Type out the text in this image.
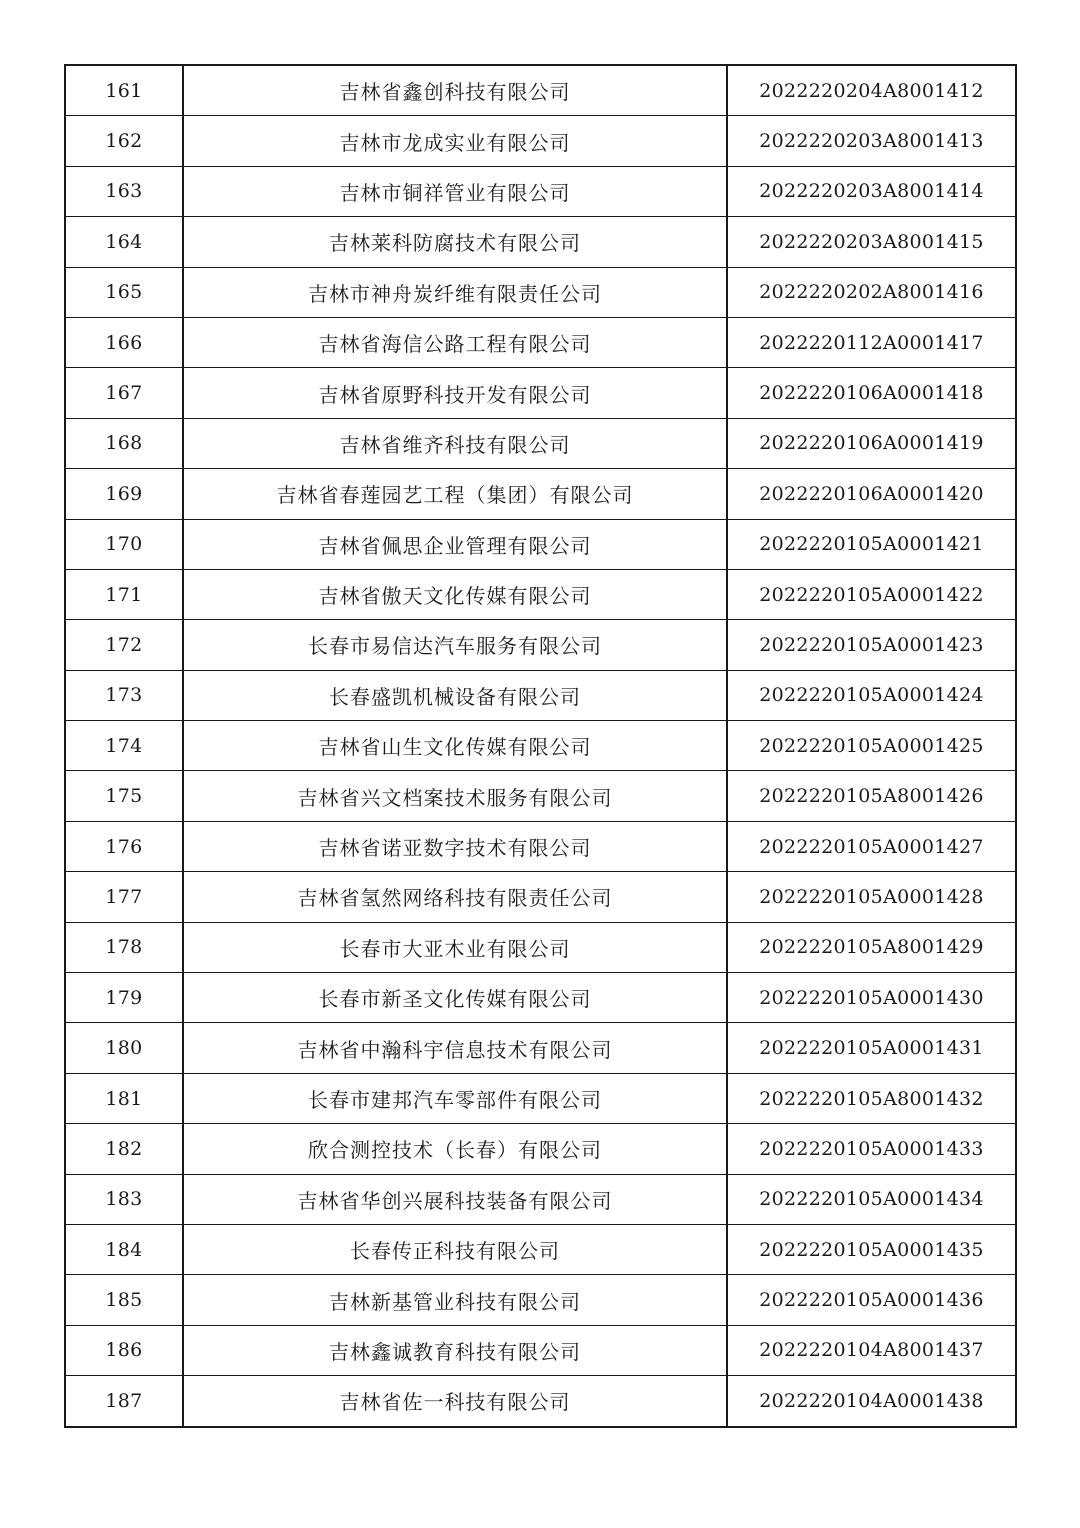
161	吉林省鑫创科技有限公司	2022220204A8001412
162	吉林市龙成实业有限公司	2022220203A8001413
163	吉林市铜祥管业有限公司	2022220203A8001414
164	吉林莱科防腐技术有限公司	2022220203A8001415
165	吉林市神舟炭纤维有限责任公司	2022220202A8001416
166	吉林省海信公路工程有限公司	2022220112A0001417
167	吉林省原野科技开发有限公司	2022220106A0001418
168	吉林省维齐科技有限公司	2022220106A0001419
169	吉林省春莲园艺工程（集团）有限公司	2022220106A0001420
170	吉林省佩思企业管理有限公司	2022220105A0001421
171	吉林省傲天文化传媒有限公司	2022220105A0001422
172	长春市易信达汽车服务有限公司	2022220105A0001423
173	长春盛凯机械设备有限公司	2022220105A0001424
174	吉林省山生文化传媒有限公司	2022220105A0001425
175	吉林省兴文档案技术服务有限公司	2022220105A8001426
176	吉林省诺亚数字技术有限公司	2022220105A0001427
177	吉林省氢然网络科技有限责任公司	2022220105A0001428
178	长春市大亚木业有限公司	2022220105A8001429
179	长春市新圣文化传媒有限公司	2022220105A0001430
180	吉林省中瀚科宇信息技术有限公司	2022220105A0001431
181	长春市建邦汽车零部件有限公司	2022220105A8001432
182	欣合测控技术（长春）有限公司	2022220105A0001433
183	吉林省华创兴展科技装备有限公司	2022220105A0001434
184	长春传正科技有限公司	2022220105A0001435
185	吉林新基管业科技有限公司	2022220105A0001436
186	吉林鑫诚教育科技有限公司	2022220104A8001437
187	吉林省佐一科技有限公司	2022220104A0001438
